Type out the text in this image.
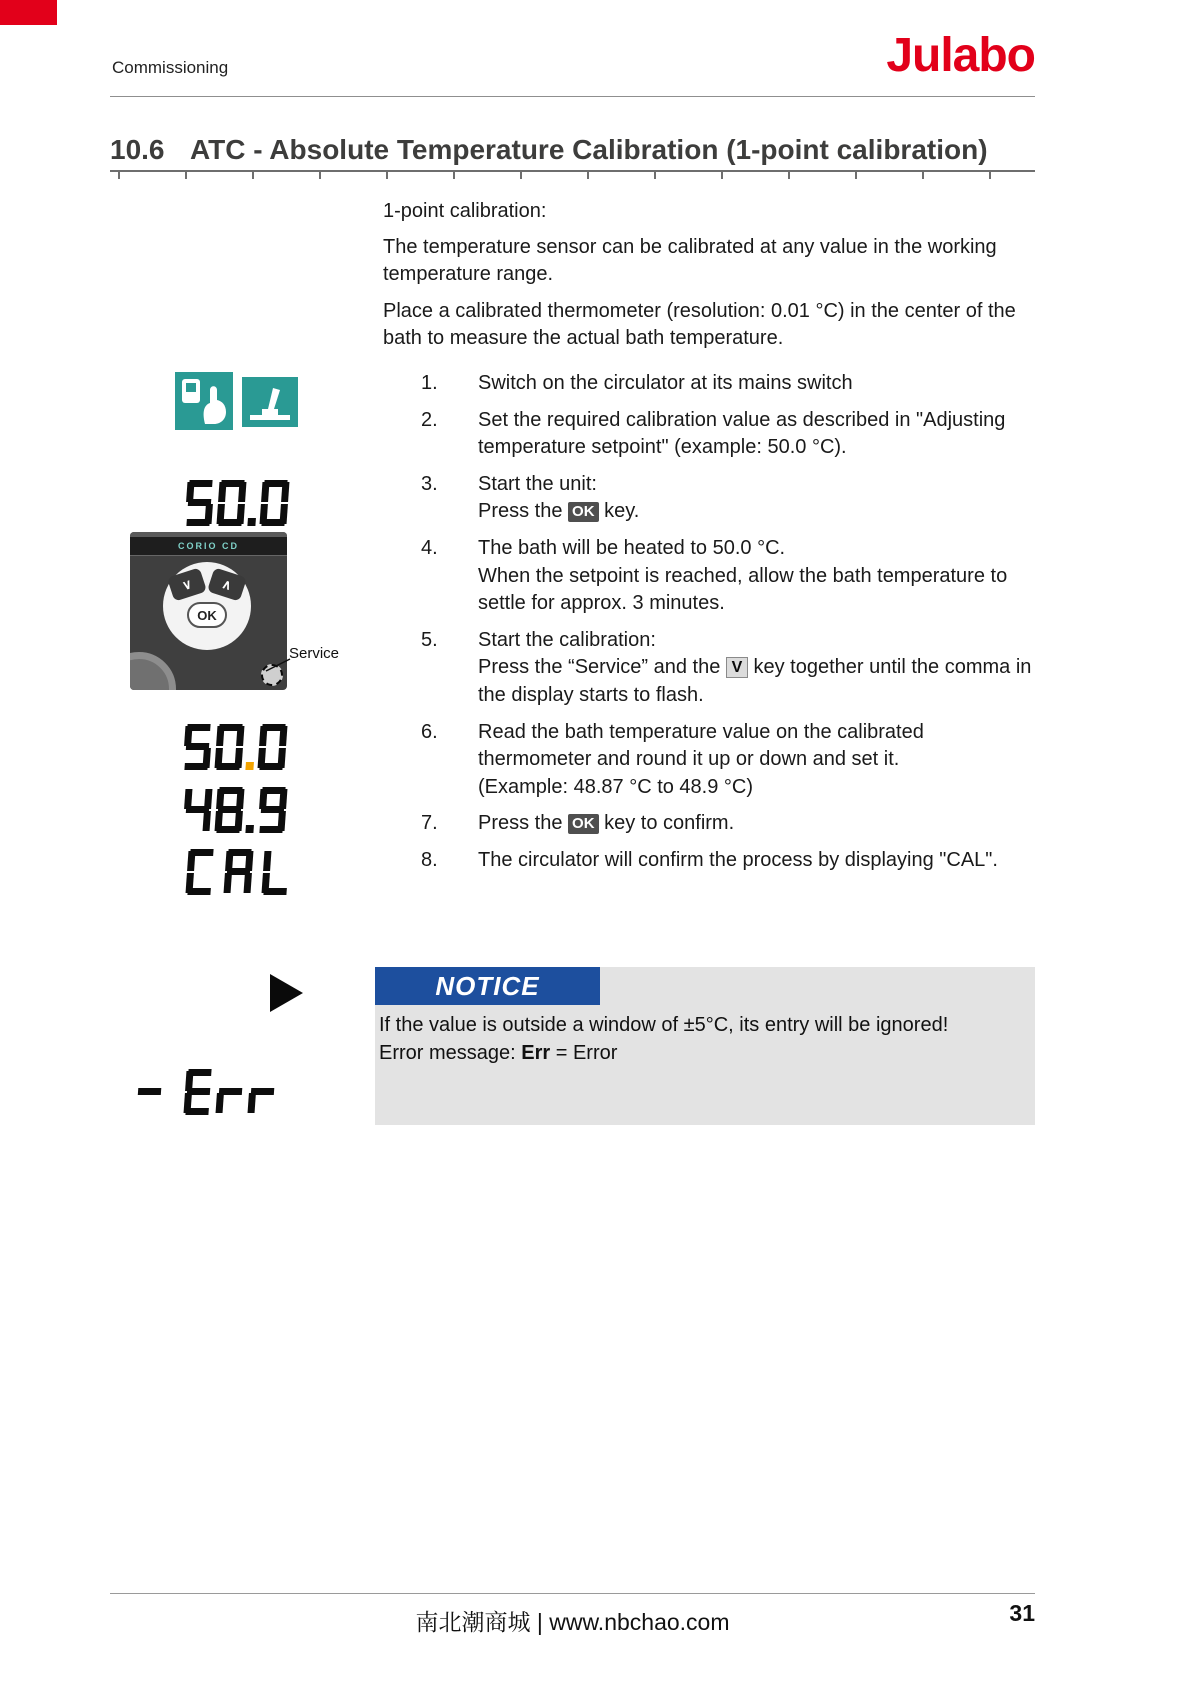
Commissioning	Julabo
10.6 ATC - Absolute Temperature Calibration (1-point calibration)

1-point calibration:

The temperature sensor can be calibrated at any value in the working temperature range.

Place a calibrated thermometer (resolution: 0.01 °C) in the center of the bath to measure the actual bath temperature.

1.	Switch on the circulator at its mains switch
2.	Set the required calibration value as described in "Adjusting temperature setpoint" (example: 50.0 °C).
3.	Start the unit:
Press the OK key.
4.	The bath will be heated to 50.0 °C.
When the setpoint is reached, allow the bath temperature to settle for approx. 3 minutes.
5.	Start the calibration:
Press the “Service” and the V key together until the comma in the display starts to flash.
6.	Read the bath temperature value on the calibrated thermometer and round it up or down and set it.
(Example: 48.87 °C to 48.9 °C)
7.	Press the OK key to confirm.
8.	The circulator will confirm the process by displaying "CAL".
CORIO CD
∨ ∧
OK
Service
NOTICE
If the value is outside a window of ±5°C, its entry will be ignored!
Error message: Err = Error
南北潮商城 | www.nbchao.com	31
